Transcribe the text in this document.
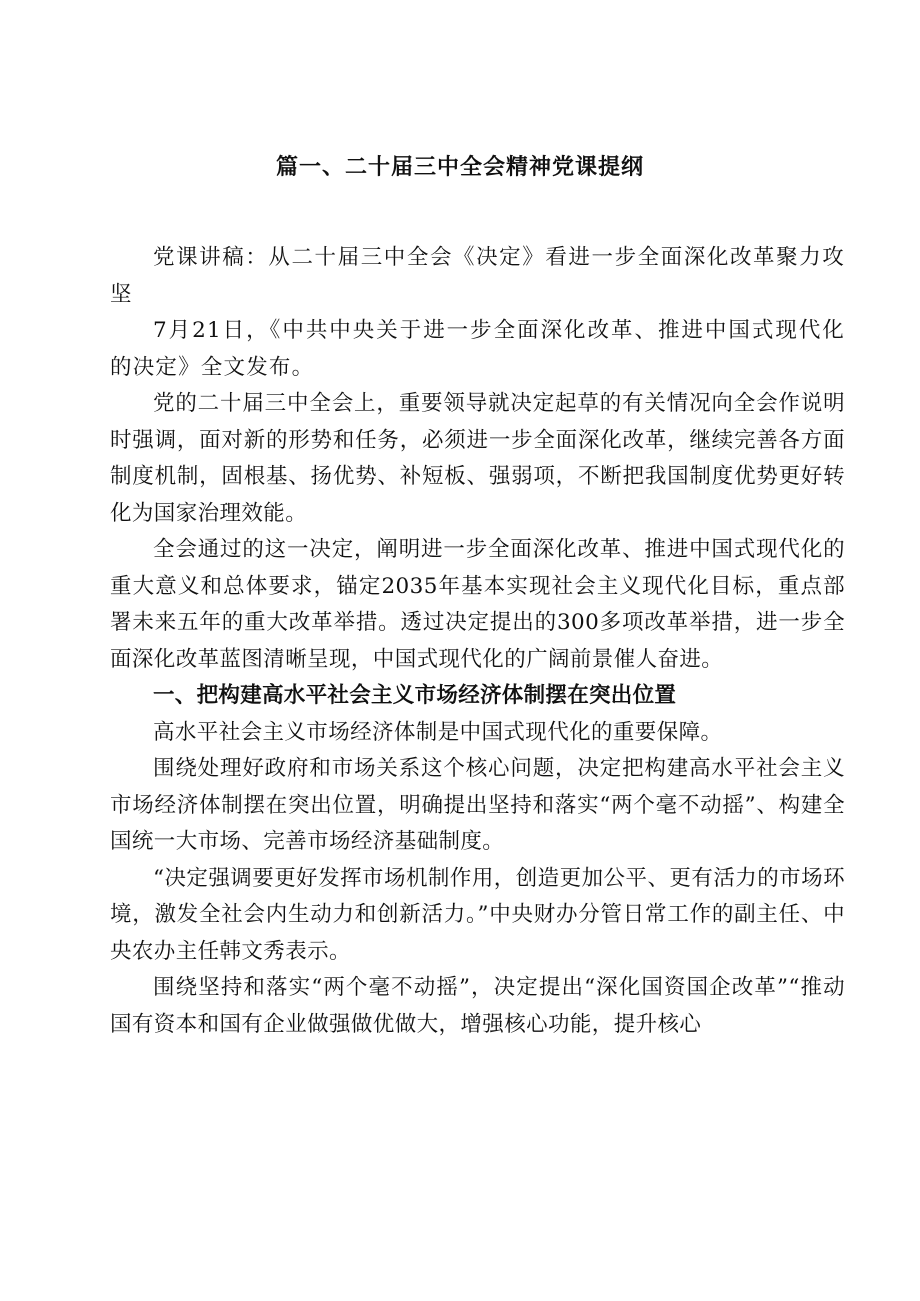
篇一、二十届三中全会精神党课提纲

党课讲稿：从二十届三中全会《决定》看进一步全面深化改革聚力攻坚

7月21日，《中共中央关于进一步全面深化改革、推进中国式现代化的决定》全文发布。

党的二十届三中全会上，重要领导就决定起草的有关情况向全会作说明时强调，面对新的形势和任务，必须进一步全面深化改革，继续完善各方面制度机制，固根基、扬优势、补短板、强弱项，不断把我国制度优势更好转化为国家治理效能。

全会通过的这一决定，阐明进一步全面深化改革、推进中国式现代化的重大意义和总体要求，锚定2035年基本实现社会主义现代化目标，重点部署未来五年的重大改革举措。透过决定提出的300多项改革举措，进一步全面深化改革蓝图清晰呈现，中国式现代化的广阔前景催人奋进。

一、把构建高水平社会主义市场经济体制摆在突出位置

高水平社会主义市场经济体制是中国式现代化的重要保障。

围绕处理好政府和市场关系这个核心问题，决定把构建高水平社会主义市场经济体制摆在突出位置，明确提出坚持和落实“两个毫不动摇”、构建全国统一大市场、完善市场经济基础制度。

“决定强调要更好发挥市场机制作用，创造更加公平、更有活力的市场环境，激发全社会内生动力和创新活力。”中央财办分管日常工作的副主任、中央农办主任韩文秀表示。

围绕坚持和落实“两个毫不动摇”，决定提出“深化国资国企改革”“推动国有资本和国有企业做强做优做大，增强核心功能，提升核心
